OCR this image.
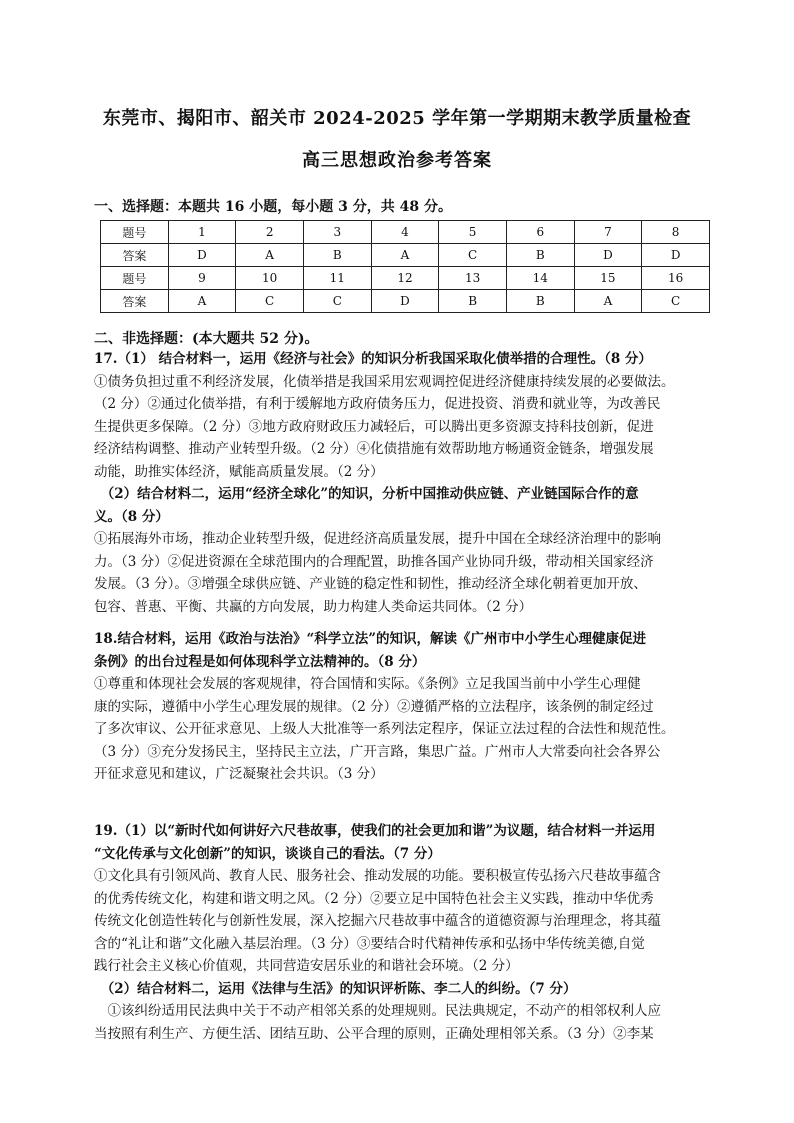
东莞市、揭阳市、韶关市 2024-2025 学年第一学期期末教学质量检查
高三思想政治参考答案
一、选择题：本题共 16 小题，每小题 3 分，共 48 分。
题号	1	2	3	4	5	6	7	8
答案	D	A	B	A	C	B	D	D
题号	9	10	11	12	13	14	15	16
答案	A	C	C	D	B	B	A	C
二、非选择题：(本大题共 52 分)。
17.（1） 结合材料一，运用《经济与社会》的知识分析我国采取化债举措的合理性。（8 分）
①债务负担过重不利经济发展，化债举措是我国采用宏观调控促进经济健康持续发展的必要做法。
（2 分）②通过化债举措，有利于缓解地方政府债务压力，促进投资、消费和就业等，为改善民
生提供更多保障。（2 分）③地方政府财政压力减轻后，可以腾出更多资源支持科技创新，促进
经济结构调整、推动产业转型升级。（2 分）④化债措施有效帮助地方畅通资金链条，增强发展
动能，助推实体经济，赋能高质量发展。（2 分）
　（2）结合材料二，运用“经济全球化”的知识，分析中国推动供应链、产业链国际合作的意
义。（8 分）
①拓展海外市场，推动企业转型升级，促进经济高质量发展，提升中国在全球经济治理中的影响
力。（3 分）②促进资源在全球范围内的合理配置，助推各国产业协同升级，带动相关国家经济
发展。（3 分）。③增强全球供应链、产业链的稳定性和韧性，推动经济全球化朝着更加开放、
包容、普惠、平衡、共赢的方向发展，助力构建人类命运共同体。（2 分）
18.结合材料，运用《政治与法治》“科学立法”的知识，解读《广州市中小学生心理健康促进
条例》的出台过程是如何体现科学立法精神的。（8 分）
①尊重和体现社会发展的客观规律，符合国情和实际。《条例》立足我国当前中小学生心理健
康的实际，遵循中小学生心理发展的规律。（2 分）②遵循严格的立法程序，该条例的制定经过
了多次审议、公开征求意见、上级人大批准等一系列法定程序，保证立法过程的合法性和规范性。
（3 分）③充分发扬民主，坚持民主立法，广开言路，集思广益。广州市人大常委向社会各界公
开征求意见和建议，广泛凝聚社会共识。（3 分）
19.（1）以“新时代如何讲好六尺巷故事，使我们的社会更加和谐”为议题，结合材料一并运用
“文化传承与文化创新”的知识，谈谈自己的看法。（7 分）
①文化具有引领风尚、教育人民、服务社会、推动发展的功能。要积极宣传弘扬六尺巷故事蕴含
的优秀传统文化，构建和谐文明之风。（2 分）②要立足中国特色社会主义实践，推动中华优秀
传统文化创造性转化与创新性发展，深入挖掘六尺巷故事中蕴含的道德资源与治理理念，将其蕴
含的“礼让和谐”文化融入基层治理。（3 分）③要结合时代精神传承和弘扬中华传统美德,自觉
践行社会主义核心价值观，共同营造安居乐业的和谐社会环境。（2 分）
　（2）结合材料二，运用《法律与生活》的知识评析陈、李二人的纠纷。（7 分）
　①该纠纷适用民法典中关于不动产相邻关系的处理规则。民法典规定，不动产的相邻权利人应
当按照有利生产、方便生活、团结互助、公平合理的原则，正确处理相邻关系。（3 分）②李某
